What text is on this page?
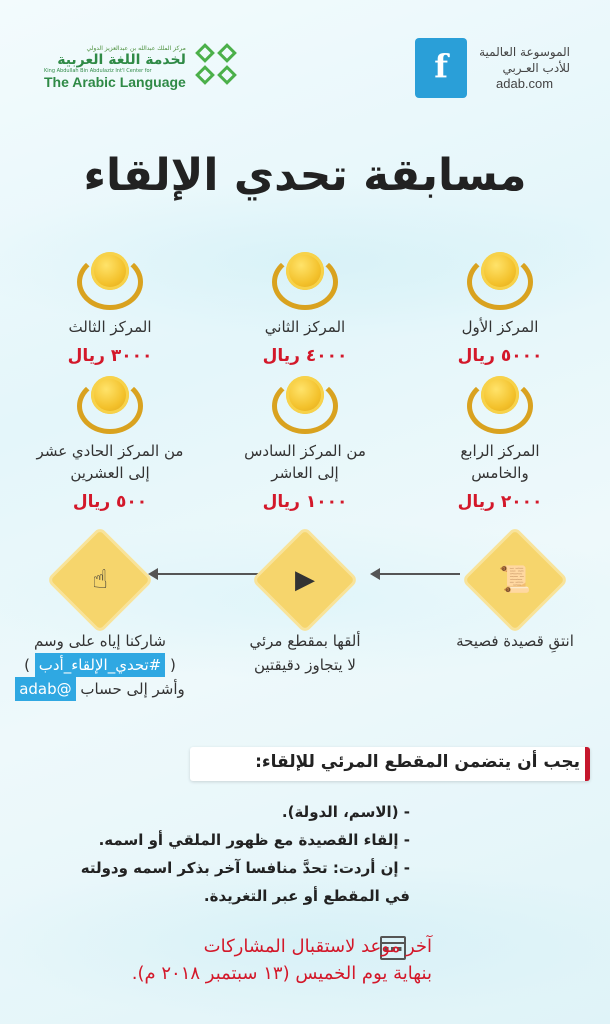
الموسوعة العالمية
للأدب العـربي
adab.com
f
مركز الملك عبدالله بن عبدالعزيز الدولي
لخدمة اللغة العربية
King Abdullah Bin Abdulaziz Int'l Center for
The Arabic Language
مسابقة تحدي الإلقاء
المركز الأول
٥٠٠٠ ريال
المركز الثاني
٤٠٠٠ ريال
المركز الثالث
٣٠٠٠ ريال
المركز الرابع
والخامس
٢٠٠٠ ريال
من المركز السادس
إلى العاشر
١٠٠٠ ريال
من المركز الحادي عشر
إلى العشرين
٥٠٠ ريال
📜
انتقِ قصيدة فصيحة
▶
ألقها بمقطع مرئي
لا يتجاوز دقيقتين
☝
شاركنا إياه على وسم
( #تحدي_الإلقاء_أدب )
وأشر إلى حساب @adab
يجب أن يتضمن المقطع المرئي للإلقاء:
- (الاسم، الدولة).
- إلقاء القصيدة مع ظهور الملقي أو اسمه.
- إن أردت: تحدَّ منافسا آخر بذكر اسمه ودولته
في المقطع أو عبر التغريدة.
▪▪▪
آخر موعد لاستقبال المشاركات
بنهاية يوم الخميس (١٣ سبتمبر ٢٠١٨ م).
